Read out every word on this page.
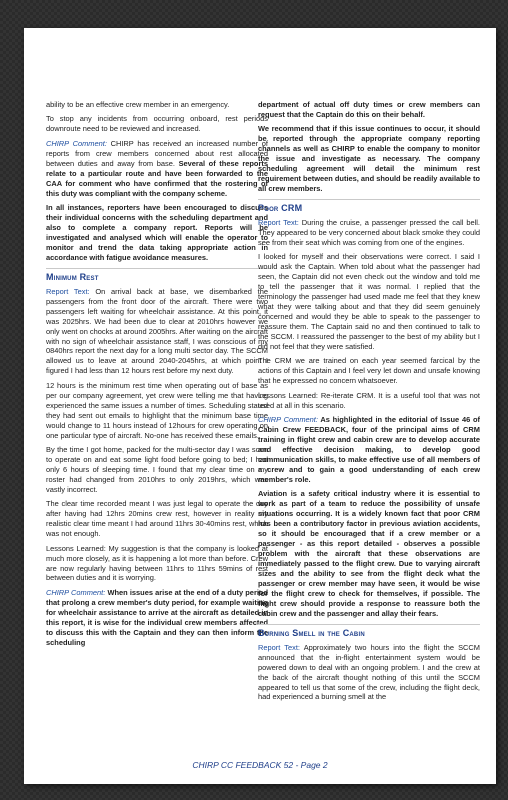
ability to be an effective crew member in an emergency.

To stop any incidents from occurring onboard, rest periods downroute need to be reviewed and increased.

CHIRP Comment: CHIRP has received an increased number of reports from crew members concerned about rest allocated between duties and away from base. Several of these reports relate to a particular route and have been forwarded to the CAA for comment who have confirmed that the rostering of this duty was compliant with the company scheme.

In all instances, reporters have been encouraged to discuss their individual concerns with the scheduling department and also to complete a company report. Reports will be investigated and analysed which will enable the operator to monitor and trend the data taking appropriate action in accordance with fatigue avoidance measures.

Minimum Rest

Report Text: On arrival back at base, we disembarked the passengers from the front door of the aircraft. There were two passengers left waiting for wheelchair assistance. At this point, it was 2025hrs. We had been due to clear at 2010hrs however we only went on chocks at around 2005hrs. After waiting on the aircraft with no sign of wheelchair assistance staff, I was conscious of my 0840hrs report the next day for a long multi sector day. The SCCM allowed us to leave at around 2040-2045hrs, at which point I figured I had less than 12 hours rest before my next duty.

12 hours is the minimum rest time when operating out of base as per our company agreement, yet crew were telling me that having experienced the same issues a number of times. Scheduling stated they had sent out emails to highlight that the minimum base time would change to 11 hours instead of 12hours for crew operating on one particular type of aircraft. No-one has received these emails.

By the time I got home, packed for the multi-sector day I was soon to operate on and eat some light food before going to bed; I had only 6 hours of sleeping time. I found that my clear time on my roster had changed from 2010hrs to only 2019hrs, which was vastly incorrect.

The clear time recorded meant I was just legal to operate the day after having had 12hrs 20mins crew rest, however in reality my realistic clear time meant I had around 11hrs 30-40mins rest, which was not enough.

Lessons Learned: My suggestion is that the company is looked at much more closely, as it is happening a lot more than before. Crew are now regularly having between 11hrs to 11hrs 59mins of rest between duties and it is worrying.

CHIRP Comment: When issues arise at the end of a duty period that prolong a crew member's duty period, for example waiting for wheelchair assistance to arrive at the aircraft as detailed in this report, it is wise for the individual crew members affected to discuss this with the Captain and they can then inform the scheduling

department of actual off duty times or crew members can request that the Captain do this on their behalf.

We recommend that if this issue continues to occur, it should be reported through the appropriate company reporting channels as well as CHIRP to enable the company to monitor the issue and investigate as necessary. The company scheduling agreement will detail the minimum rest requirement between duties, and should be readily available to all crew members.

Poor CRM

Report Text: During the cruise, a passenger pressed the call bell. They appeared to be very concerned about black smoke they could see from their seat which was coming from one of the engines.

I looked for myself and their observations were correct. I said I would ask the Captain. When told about what the passenger had seen, the Captain did not even check out the window and told me to tell the passenger that it was normal. I replied that the terminology the passenger had used made me feel that they knew what they were talking about and that they did seem genuinely concerned and would they be able to speak to the passenger to reassure them. The Captain said no and then continued to talk to the SCCM. I reassured the passenger to the best of my ability but I did not feel that they were satisfied.

The CRM we are trained on each year seemed farcical by the actions of this Captain and I feel very let down and unsafe knowing that he expressed no concern whatsoever.

Lessons Learned: Re-iterate CRM. It is a useful tool that was not used at all in this scenario.

CHIRP Comment: As highlighted in the editorial of Issue 46 of Cabin Crew FEEDBACK, four of the principal aims of CRM training in flight crew and cabin crew are to develop accurate and effective decision making, to develop good communication skills, to make effective use of all members of a crew and to gain a good understanding of each crew member's role.

Aviation is a safety critical industry where it is essential to work as part of a team to reduce the possibility of unsafe situations occurring. It is a widely known fact that poor CRM has been a contributory factor in previous aviation accidents, so it should be encouraged that if a crew member or a passenger - as this report detailed - observes a possible problem with the aircraft that these observations are immediately passed to the flight crew. Due to varying aircraft sizes and the ability to see from the flight deck what the passenger or crew member may have seen, it would be wise for the flight crew to check for themselves, if possible. The flight crew should provide a response to reassure both the cabin crew and the passenger and allay their fears.

Burning Smell in the Cabin

Report Text: Approximately two hours into the flight the SCCM announced that the in-flight entertainment system would be powered down to deal with an ongoing problem. I and the crew at the back of the aircraft thought nothing of this until the SCCM appeared to tell us that some of the crew, including the flight deck, had experienced a burning smell at the

CHIRP CC FEEDBACK 52 - Page 2
